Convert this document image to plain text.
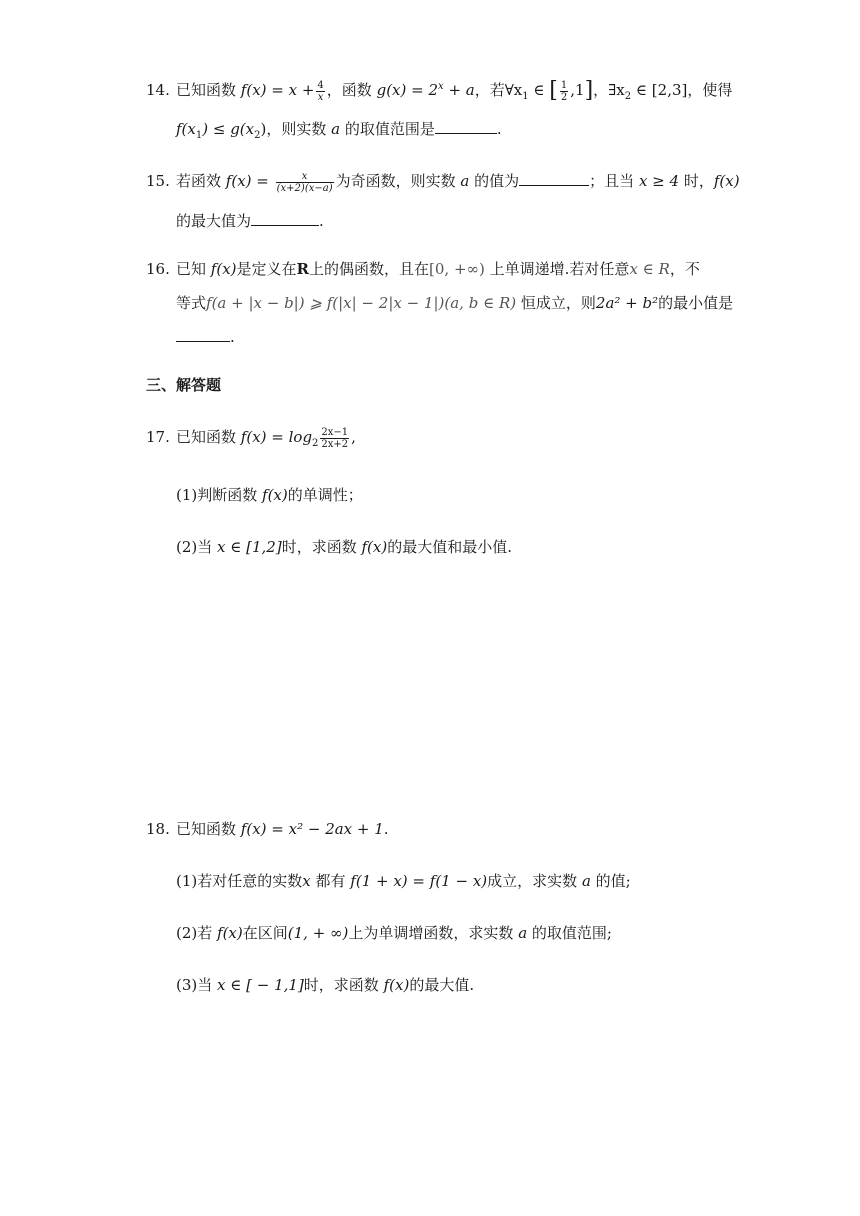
14. 已知函数 $f(x) = x + \frac{4}{x}$ ，函数 $g(x) = 2^x + a$，若$\forall x_1$ ∈ [ $\frac{1}{2} ,1$]，$\exists x_2$ ∈ [2,3]，使得
$f(x_1) \le g(x_2)$，则实数 a 的取值范围是	.
15. 若函效 $f(x) = \frac{x}{(x+2)(x-a)}$ 为奇函数，则实数 a 的值为	；且当 x ≥ 4 时，f(x)
的最大值为	.
16. 已知 f(x)是定义在R上的偶函数，且在[0, +∞) 上单调递增.若对任意x ∈ R，不
等式f(a + |x − b|) ⩾ f(|x| − 2|x − 1|)(a, b ∈ R) 恒成立，则2a² + b²的最小值是
.
三、解答题
17. 已知函数 $f(x) = \log_2 \frac{2x-1}{2x+2}$ ,
(1)判断函数 f(x)的单调性；
(2)当 x ∈ [1,2]时，求函数 f(x)的最大值和最小值.
18. 已知函数 f(x) = x² − 2ax + 1.
(1)若对任意的实数x 都有 f(1 + x) = f(1 − x)成立，求实数 a 的值;
(2)若 f(x)在区间(1, + ∞)上为单调增函数，求实数 a 的取值范围;
(3)当 x ∈ [ − 1,1]时，求函数 f(x)的最大值.
